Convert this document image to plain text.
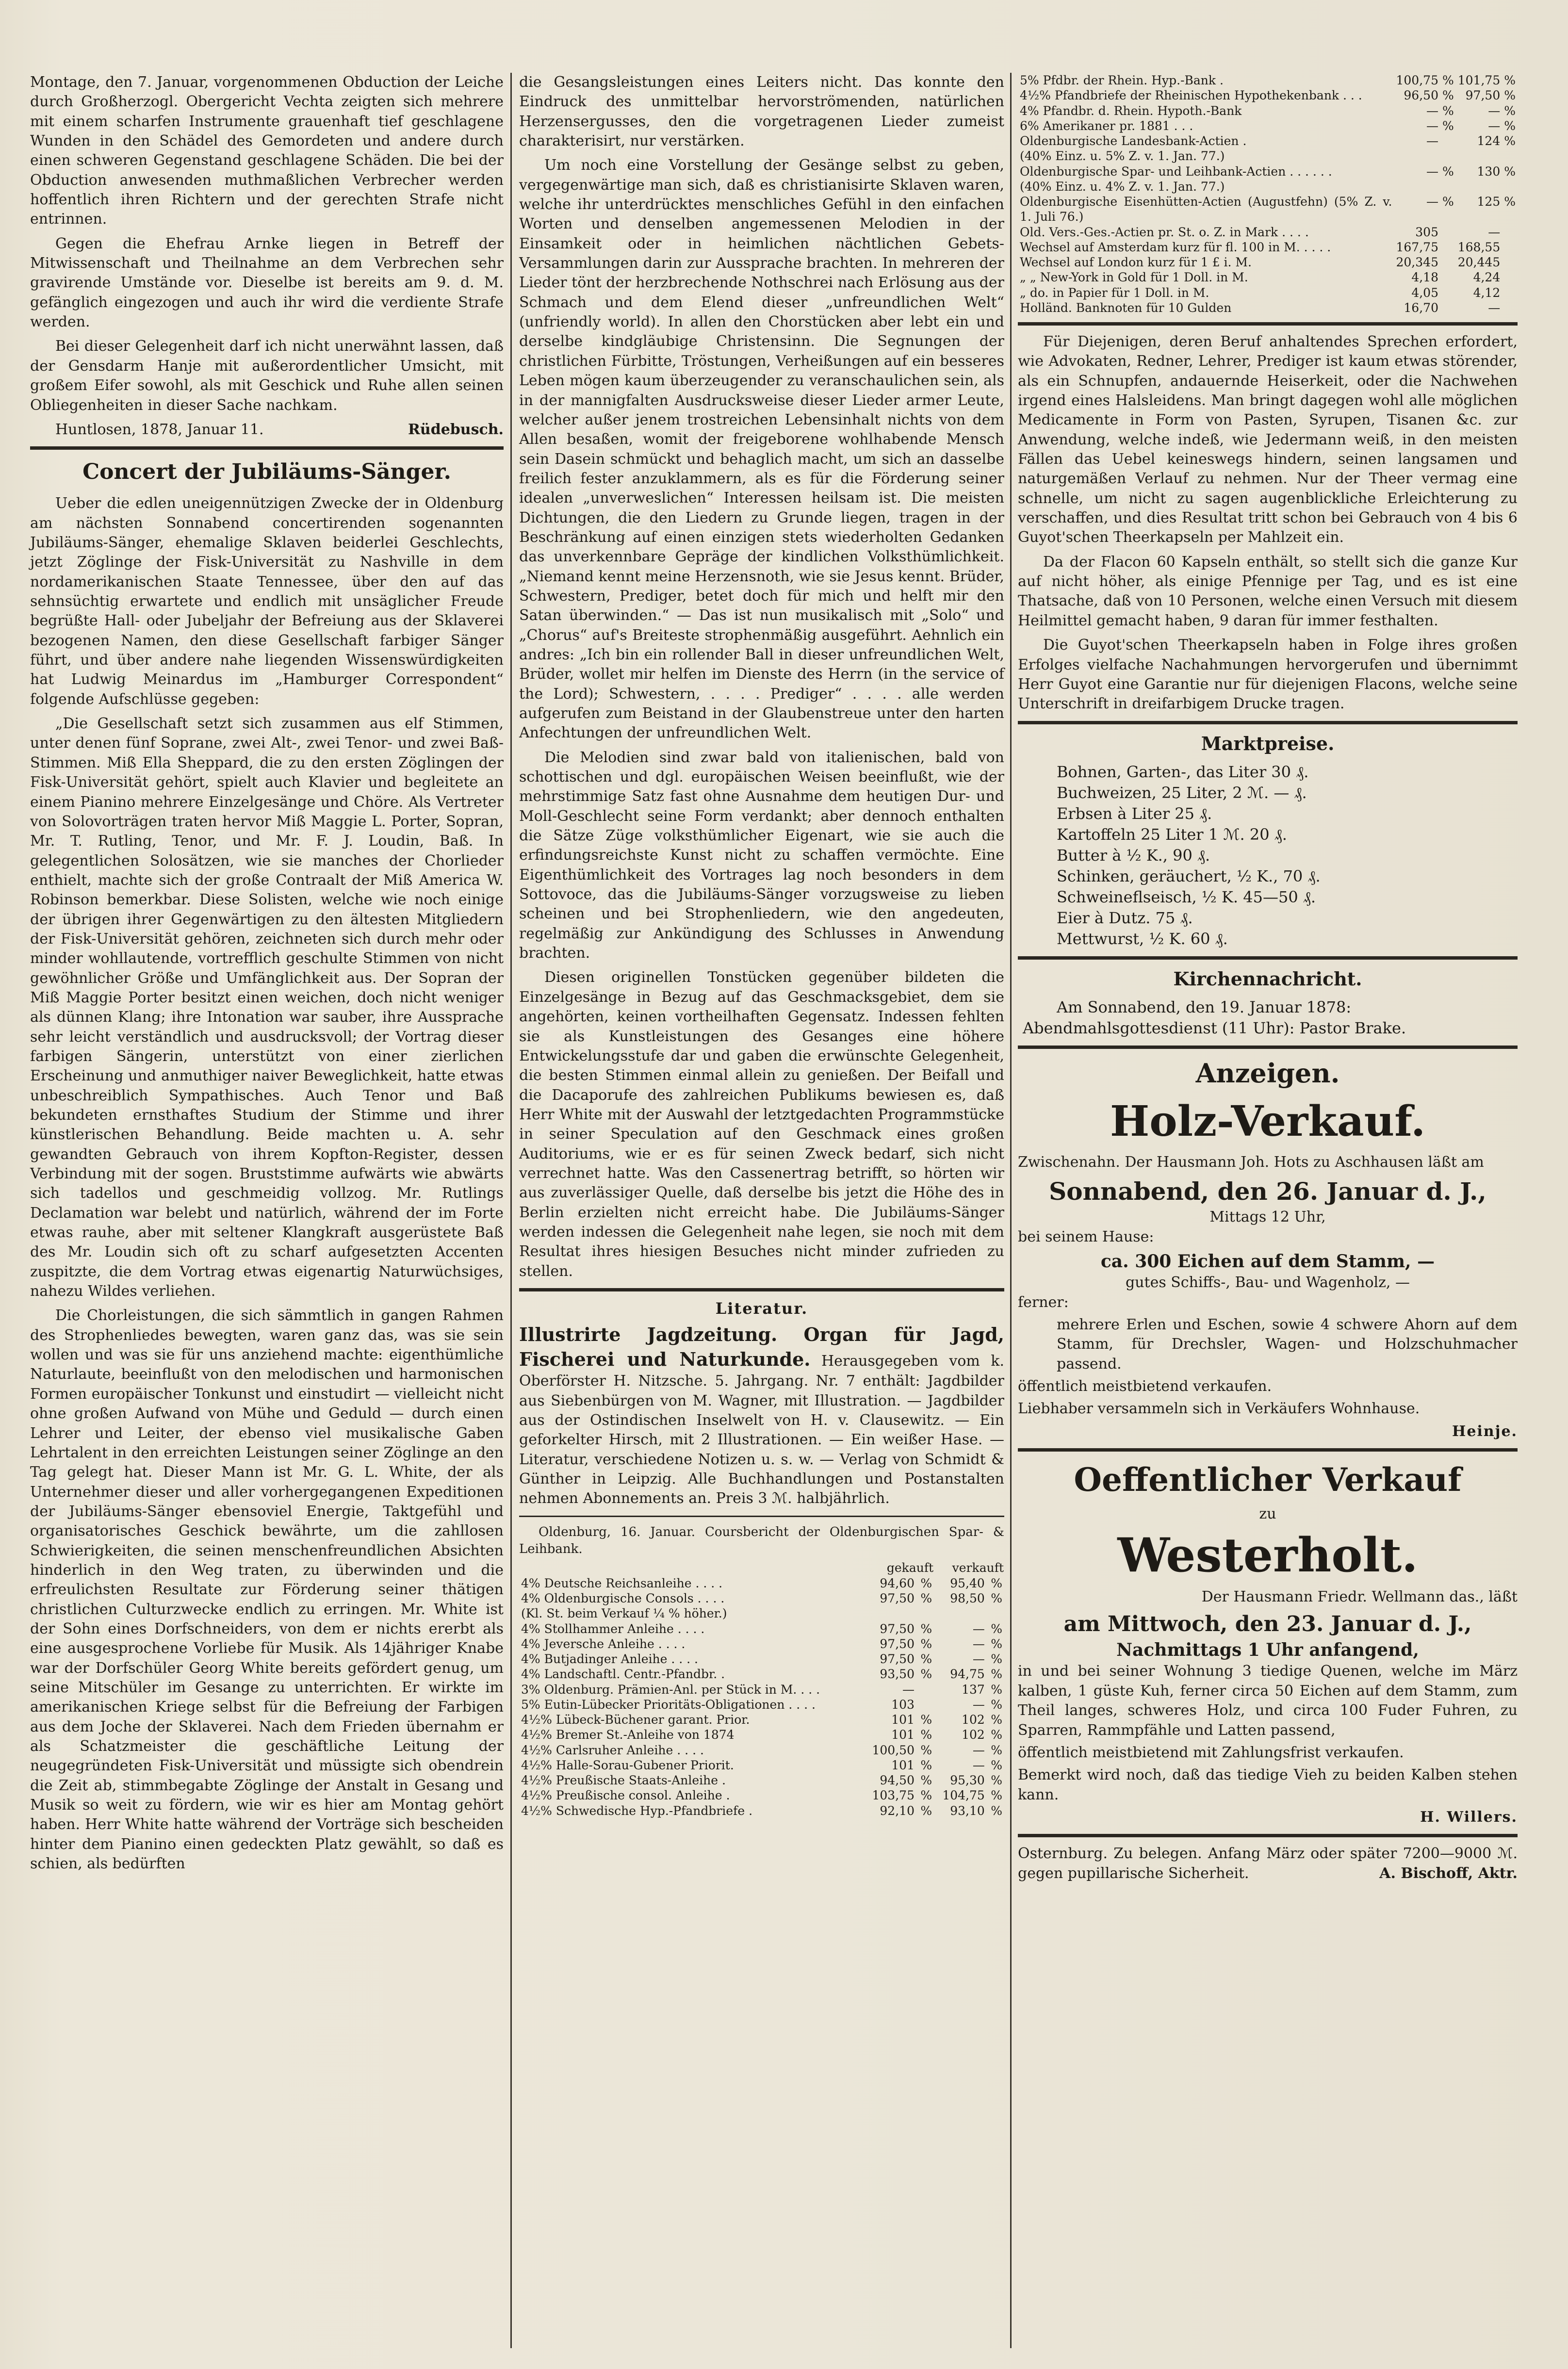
Montage, den 7. Januar, vorgenommenen Obduction der Leiche durch Großherzogl. Obergericht Vechta zeigten sich mehrere mit einem scharfen Instrumente grauenhaft tief geschlagene Wunden in den Schädel des Gemordeten und andere durch einen schweren Gegenstand geschlagene Schäden. Die bei der Obduction anwesenden muthmaßlichen Verbrecher werden hoffentlich ihren Richtern und der gerechten Strafe nicht entrinnen.

Gegen die Ehefrau Arnke liegen in Betreff der Mitwissenschaft und Theilnahme an dem Verbrechen sehr gravirende Umstände vor. Dieselbe ist bereits am 9. d. M. gefänglich eingezogen und auch ihr wird die verdiente Strafe werden.

Bei dieser Gelegenheit darf ich nicht unerwähnt lassen, daß der Gensdarm Hanje mit außerordentlicher Umsicht, mit großem Eifer sowohl, als mit Geschick und Ruhe allen seinen Obliegenheiten in dieser Sache nachkam.

Huntlosen, 1878, Januar 11.	Rüdebusch.

Concert der Jubiläums-Sänger.

Ueber die edlen uneigennützigen Zwecke der in Oldenburg am nächsten Sonnabend concertirenden sogenannten Jubiläums-Sänger, ehemalige Sklaven beiderlei Geschlechts, jetzt Zöglinge der Fisk-Universität zu Nashville in dem nordamerikanischen Staate Tennessee, über den auf das sehnsüchtig erwartete und endlich mit unsäglicher Freude begrüßte Hall- oder Jubeljahr der Befreiung aus der Sklaverei bezogenen Namen, den diese Gesellschaft farbiger Sänger führt, und über andere nahe liegenden Wissenswürdigkeiten hat Ludwig Meinardus im „Hamburger Correspondent“ folgende Aufschlüsse gegeben:

„Die Gesellschaft setzt sich zusammen aus elf Stimmen, unter denen fünf Soprane, zwei Alt-, zwei Tenor- und zwei Baß-Stimmen. Miß Ella Sheppard, die zu den ersten Zöglingen der Fisk-Universität gehört, spielt auch Klavier und begleitete an einem Pianino mehrere Einzelgesänge und Chöre. Als Vertreter von Solovorträgen traten hervor Miß Maggie L. Porter, Sopran, Mr. T. Rutling, Tenor, und Mr. F. J. Loudin, Baß. In gelegentlichen Solosätzen, wie sie manches der Chorlieder enthielt, machte sich der große Contraalt der Miß America W. Robinson bemerkbar. Diese Solisten, welche wie noch einige der übrigen ihrer Gegenwärtigen zu den ältesten Mitgliedern der Fisk-Universität gehören, zeichneten sich durch mehr oder minder wohllautende, vortrefflich geschulte Stimmen von nicht gewöhnlicher Größe und Umfänglichkeit aus. Der Sopran der Miß Maggie Porter besitzt einen weichen, doch nicht weniger als dünnen Klang; ihre Intonation war sauber, ihre Aussprache sehr leicht verständlich und ausdrucksvoll; der Vortrag dieser farbigen Sängerin, unterstützt von einer zierlichen Erscheinung und anmuthiger naiver Beweglichkeit, hatte etwas unbeschreiblich Sympathisches. Auch Tenor und Baß bekundeten ernsthaftes Studium der Stimme und ihrer künstlerischen Behandlung. Beide machten u. A. sehr gewandten Gebrauch von ihrem Kopfton-Register, dessen Verbindung mit der sogen. Bruststimme aufwärts wie abwärts sich tadellos und geschmeidig vollzog. Mr. Rutlings Declamation war belebt und natürlich, während der im Forte etwas rauhe, aber mit seltener Klangkraft ausgerüstete Baß des Mr. Loudin sich oft zu scharf aufgesetzten Accenten zuspitzte, die dem Vortrag etwas eigenartig Naturwüchsiges, nahezu Wildes verliehen.

Die Chorleistungen, die sich sämmtlich in gangen Rahmen des Strophenliedes bewegten, waren ganz das, was sie sein wollen und was sie für uns anziehend machte: eigenthümliche Naturlaute, beeinflußt von den melodischen und harmonischen Formen europäischer Tonkunst und einstudirt — vielleicht nicht ohne großen Aufwand von Mühe und Geduld — durch einen Lehrer und Leiter, der ebenso viel musikalische Gaben Lehrtalent in den erreichten Leistungen seiner Zöglinge an den Tag gelegt hat. Dieser Mann ist Mr. G. L. White, der als Unternehmer dieser und aller vorhergegangenen Expeditionen der Jubiläums-Sänger ebensoviel Energie, Taktgefühl und organisatorisches Geschick bewährte, um die zahllosen Schwierigkeiten, die seinen menschenfreundlichen Absichten hinderlich in den Weg traten, zu überwinden und die erfreulichsten Resultate zur Förderung seiner thätigen christlichen Culturzwecke endlich zu erringen. Mr. White ist der Sohn eines Dorfschneiders, von dem er nichts ererbt als eine ausgesprochene Vorliebe für Musik. Als 14jähriger Knabe war der Dorfschüler Georg White bereits gefördert genug, um seine Mitschüler im Gesange zu unterrichten. Er wirkte im amerikanischen Kriege selbst für die Befreiung der Farbigen aus dem Joche der Sklaverei. Nach dem Frieden übernahm er als Schatzmeister die geschäftliche Leitung der neugegründeten Fisk-Universität und müssigte sich obendrein die Zeit ab, stimmbegabte Zöglinge der Anstalt in Gesang und Musik so weit zu fördern, wie wir es hier am Montag gehört haben. Herr White hatte während der Vorträge sich bescheiden hinter dem Pianino einen gedeckten Platz gewählt, so daß es schien, als bedürften

die Gesangsleistungen eines Leiters nicht. Das konnte den Eindruck des unmittelbar hervorströmenden, natürlichen Herzensergusses, den die vorgetragenen Lieder zumeist charakterisirt, nur verstärken.

Um noch eine Vorstellung der Gesänge selbst zu geben, vergegenwärtige man sich, daß es christianisirte Sklaven waren, welche ihr unterdrücktes menschliches Gefühl in den einfachen Worten und denselben angemessenen Melodien in der Einsamkeit oder in heimlichen nächtlichen Gebets-Versammlungen darin zur Aussprache brachten. In mehreren der Lieder tönt der herzbrechende Nothschrei nach Erlösung aus der Schmach und dem Elend dieser „unfreundlichen Welt“ (unfriendly world). In allen den Chorstücken aber lebt ein und derselbe kindgläubige Christensinn. Die Segnungen der christlichen Fürbitte, Tröstungen, Verheißungen auf ein besseres Leben mögen kaum überzeugender zu veranschaulichen sein, als in der mannigfalten Ausdrucksweise dieser Lieder armer Leute, welcher außer jenem trostreichen Lebensinhalt nichts von dem Allen besaßen, womit der freigeborene wohlhabende Mensch sein Dasein schmückt und behaglich macht, um sich an dasselbe freilich fester anzuklammern, als es für die Förderung seiner idealen „unverweslichen“ Interessen heilsam ist. Die meisten Dichtungen, die den Liedern zu Grunde liegen, tragen in der Beschränkung auf einen einzigen stets wiederholten Gedanken das unverkennbare Gepräge der kindlichen Volksthümlichkeit. „Niemand kennt meine Herzensnoth, wie sie Jesus kennt. Brüder, Schwestern, Prediger, betet doch für mich und helft mir den Satan überwinden.“ — Das ist nun musikalisch mit „Solo“ und „Chorus“ auf's Breiteste strophenmäßig ausgeführt. Aehnlich ein andres: „Ich bin ein rollender Ball in dieser unfreundlichen Welt, Brüder, wollet mir helfen im Dienste des Herrn (in the service of the Lord); Schwestern, . . . . Prediger“ . . . . alle werden aufgerufen zum Beistand in der Glaubenstreue unter den harten Anfechtungen der unfreundlichen Welt.

Die Melodien sind zwar bald von italienischen, bald von schottischen und dgl. europäischen Weisen beeinflußt, wie der mehrstimmige Satz fast ohne Ausnahme dem heutigen Dur- und Moll-Geschlecht seine Form verdankt; aber dennoch enthalten die Sätze Züge volksthümlicher Eigenart, wie sie auch die erfindungsreichste Kunst nicht zu schaffen vermöchte. Eine Eigenthümlichkeit des Vortrages lag noch besonders in dem Sottovoce, das die Jubiläums-Sänger vorzugsweise zu lieben scheinen und bei Strophenliedern, wie den angedeuten, regelmäßig zur Ankündigung des Schlusses in Anwendung brachten.

Diesen originellen Tonstücken gegenüber bildeten die Einzelgesänge in Bezug auf das Geschmacksgebiet, dem sie angehörten, keinen vortheilhaften Gegensatz. Indessen fehlten sie als Kunstleistungen des Gesanges eine höhere Entwickelungsstufe dar und gaben die erwünschte Gelegenheit, die besten Stimmen einmal allein zu genießen. Der Beifall und die Dacaporufe des zahlreichen Publikums bewiesen es, daß Herr White mit der Auswahl der letztgedachten Programmstücke in seiner Speculation auf den Geschmack eines großen Auditoriums, wie er es für seinen Zweck bedarf, sich nicht verrechnet hatte. Was den Cassenertrag betrifft, so hörten wir aus zuverlässiger Quelle, daß derselbe bis jetzt die Höhe des in Berlin erzielten nicht erreicht habe. Die Jubiläums-Sänger werden indessen die Gelegenheit nahe legen, sie noch mit dem Resultat ihres hiesigen Besuches nicht minder zufrieden zu stellen.

Literatur.

Illustrirte Jagdzeitung. Organ für Jagd, Fischerei und Naturkunde. Herausgegeben vom k. Oberförster H. Nitzsche. 5. Jahrgang. Nr. 7 enthält: Jagdbilder aus Siebenbürgen von M. Wagner, mit Illustration. — Jagdbilder aus der Ostindischen Inselwelt von H. v. Clausewitz. — Ein geforkelter Hirsch, mit 2 Illustrationen. — Ein weißer Hase. — Literatur, verschiedene Notizen u. s. w. — Verlag von Schmidt & Günther in Leipzig. Alle Buchhandlungen und Postanstalten nehmen Abonnements an. Preis 3 ℳ. halbjährlich.

Oldenburg, 16. Januar. Coursbericht der Oldenburgischen Spar- & Leihbank.
	gekauft		verkauft	
4% Deutsche Reichsanleihe . . . .	94,60	%	95,40	%
4% Oldenburgische Consols . . . .	97,50	%	98,50	%
(Kl. St. beim Verkauf ¼ % höher.)				
4% Stollhammer Anleihe . . . .	97,50	%	—	%
4% Jeversche Anleihe . . . .	97,50	%	—	%
4% Butjadinger Anleihe . . . .	97,50	%	—	%
4% Landschaftl. Centr.-Pfandbr. .	93,50	%	94,75	%
3% Oldenburg. Prämien-Anl. per Stück in M. . . .	—		137	%
5% Eutin-Lübecker Prioritäts-Obligationen . . . .	103		—	%
4½% Lübeck-Büchener garant. Prior.	101	%	102	%
4½% Bremer St.-Anleihe von 1874	101	%	102	%
4½% Carlsruher Anleihe . . . .	100,50	%	—	%
4½% Halle-Sorau-Gubener Priorit.	101	%	—	%
4½% Preußische Staats-Anleihe .	94,50	%	95,30	%
4½% Preußische consol. Anleihe .	103,75	%	104,75	%
4½% Schwedische Hyp.-Pfandbriefe .	92,10	%	93,10	%
5% Pfdbr. der Rhein. Hyp.-Bank .	100,75	%	101,75	%
4½% Pfandbriefe der Rheinischen Hypothekenbank . . .	96,50	%	97,50	%
4% Pfandbr. d. Rhein. Hypoth.-Bank	—	%	—	%
6% Amerikaner pr. 1881 . . .	—	%	—	%
Oldenburgische Landesbank-Actien .	—		124	%
(40% Einz. u. 5% Z. v. 1. Jan. 77.)				
Oldenburgische Spar- und Leihbank-Actien . . . . . .	—	%	130	%
(40% Einz. u. 4% Z. v. 1. Jan. 77.)				
Oldenburgische Eisenhütten-Actien (Augustfehn) (5% Z. v. 1. Juli 76.)	—	%	125	%
Old. Vers.-Ges.-Actien pr. St. o. Z. in Mark . . . .	305		—	
Wechsel auf Amsterdam kurz für fl. 100 in M. . . . .	167,75		168,55	
Wechsel auf London kurz für 1 £ i. M.	20,345		20,445	
„ „ New-York in Gold für 1 Doll. in M.	4,18		4,24	
„ do. in Papier für 1 Doll. in M.	4,05		4,12	
Holländ. Banknoten für 10 Gulden	16,70		—	

Für Diejenigen, deren Beruf anhaltendes Sprechen erfordert, wie Advokaten, Redner, Lehrer, Prediger ist kaum etwas störender, als ein Schnupfen, andauernde Heiserkeit, oder die Nachwehen irgend eines Halsleidens. Man bringt dagegen wohl alle möglichen Medicamente in Form von Pasten, Syrupen, Tisanen &c. zur Anwendung, welche indeß, wie Jedermann weiß, in den meisten Fällen das Uebel keineswegs hindern, seinen langsamen und naturgemäßen Verlauf zu nehmen. Nur der Theer vermag eine schnelle, um nicht zu sagen augenblickliche Erleichterung zu verschaffen, und dies Resultat tritt schon bei Gebrauch von 4 bis 6 Guyot'schen Theerkapseln per Mahlzeit ein.

Da der Flacon 60 Kapseln enthält, so stellt sich die ganze Kur auf nicht höher, als einige Pfennige per Tag, und es ist eine Thatsache, daß von 10 Personen, welche einen Versuch mit diesem Heilmittel gemacht haben, 9 daran für immer festhalten.

Die Guyot'schen Theerkapseln haben in Folge ihres großen Erfolges vielfache Nachahmungen hervorgerufen und übernimmt Herr Guyot eine Garantie nur für diejenigen Flacons, welche seine Unterschrift in dreifarbigem Drucke tragen.

Marktpreise.

Bohnen, Garten-, das Liter 30 ₰.

Buchweizen, 25 Liter, 2 ℳ. — ₰.

Erbsen à Liter 25 ₰.

Kartoffeln 25 Liter 1 ℳ. 20 ₰.

Butter à ½ K., 90 ₰.

Schinken, geräuchert, ½ K., 70 ₰.

Schweineflseisch, ½ K. 45—50 ₰.

Eier à Dutz. 75 ₰.

Mettwurst, ½ K. 60 ₰.

Kirchennachricht.
Am Sonnabend, den 19. Januar 1878:
Abendmahlsgottesdienst (11 Uhr): Pastor Brake.
Anzeigen.
Holz-Verkauf.

Zwischenahn. Der Hausmann Joh. Hots zu Aschhausen läßt am

Sonnabend, den 26. Januar d. J.,
Mittags 12 Uhr,

bei seinem Hause:

ca. 300 Eichen auf dem Stamm, —
gutes Schiffs-, Bau- und Wagenholz, —

ferner:

mehrere Erlen und Eschen, sowie 4 schwere Ahorn auf dem Stamm, für Drechsler, Wagen- und Holzschuhmacher passend.

öffentlich meistbietend verkaufen.

Liebhaber versammeln sich in Verkäufers Wohnhause.

Heinje.
Oeffentlicher Verkauf
zu
Westerholt.

Der Hausmann Friedr. Wellmann das., läßt

am Mittwoch, den 23. Januar d. J.,
Nachmittags 1 Uhr anfangend,

in und bei seiner Wohnung 3 tiedige Quenen, welche im März kalben, 1 güste Kuh, ferner circa 50 Eichen auf dem Stamm, zum Theil langes, schweres Holz, und circa 100 Fuder Fuhren, zu Sparren, Rammpfähle und Latten passend,

öffentlich meistbietend mit Zahlungsfrist verkaufen.

Bemerkt wird noch, daß das tiedige Vieh zu beiden Kalben stehen kann.

H. Willers.

Osternburg. Zu belegen. Anfang März oder später 7200—9000 ℳ. gegen pupillarische Sicherheit.	A. Bischoff, Aktr.
